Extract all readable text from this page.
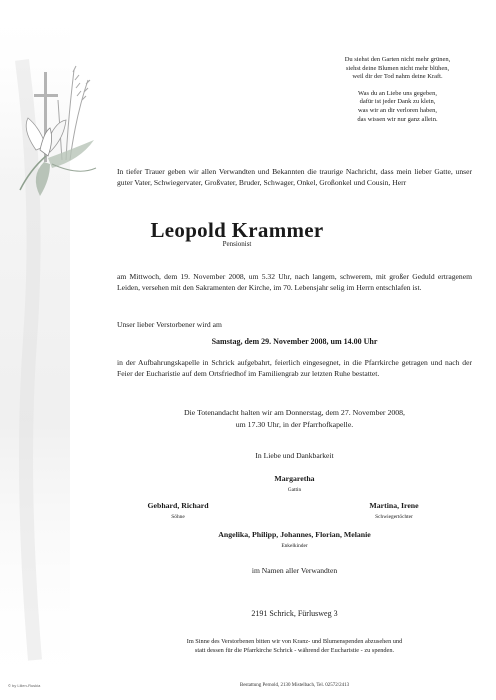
Du siehst den Garten nicht mehr grünen,
siehst deine Blumen nicht mehr blühen,
weil dir der Tod nahm deine Kraft.
Was du an Liebe uns gegeben,
dafür ist jeder Dank zu klein,
was wir an dir verloren haben,
das wissen wir nur ganz allein.
In tiefer Trauer geben wir allen Verwandten und Bekannten die traurige Nachricht, dass mein lieber Gatte, unser guter Vater, Schwiegervater, Großvater, Bruder, Schwager, Onkel, Großonkel und Cousin, Herr
Leopold Krammer
Pensionist
am Mittwoch, dem 19. November 2008, um 5.32 Uhr, nach langem, schwerem, mit großer Geduld ertragenem Leiden, versehen mit den Sakramenten der Kirche, im 70. Lebensjahr selig im Herrn entschlafen ist.
Unser lieber Verstorbener wird am
Samstag, dem 29. November 2008, um 14.00 Uhr
in der Aufbahrungskapelle in Schrick aufgebahrt, feierlich eingesegnet, in die Pfarrkirche getragen und nach der Feier der Eucharistie auf dem Ortsfriedhof im Familiengrab zur letzten Ruhe bestattet.
Die Totenandacht halten wir am Donnerstag, dem 27. November 2008,
um 17.30 Uhr, in der Pfarrhofkapelle.
In Liebe und Dankbarkeit
Margaretha
Gattin
Gebhard, Richard
Söhne
Martina, Irene
Schwiegertöchter
Angelika, Philipp, Johannes, Florian, Melanie
Enkelkinder
im Namen aller Verwandten
2191 Schrick, Fürlusweg 3
Im Sinne des Verstorbenen bitten wir von Kranz- und Blumenspenden abzusehen und
statt dessen für die Pfarrkirche Schrick - während der Eucharistie - zu spenden.
© by Lilien-Ruskia	Bestattung Pernold, 2130 Mistelbach, Tel. 02572/2413
